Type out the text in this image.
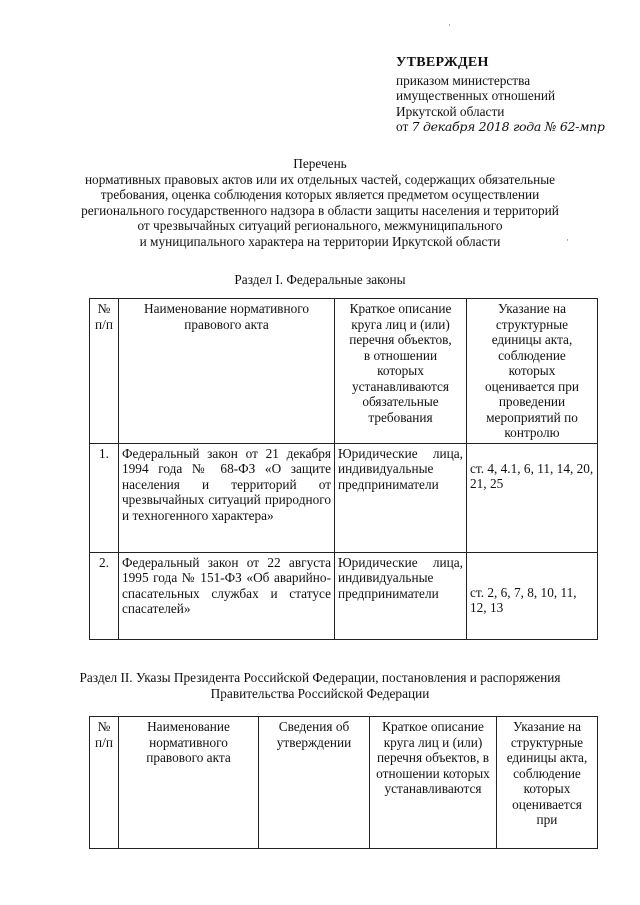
УТВЕРЖДЕН
приказом министерства
имущественных отношений
Иркутской области
от 7 декабря 2018 года № 62-мпр
Перечень
нормативных правовых актов или их отдельных частей, содержащих обязательные
требования, оценка соблюдения которых является предметом осуществлении
регионального государственного надзора в области защиты населения и территорий
от чрезвычайных ситуаций регионального, межмуниципального
и муниципального характера на территории Иркутской области
Раздел I. Федеральные законы
№ п/п	Наименование нормативного правового акта	Краткое описание круга лиц и (или) перечня объектов, в отношении которых устанавливаются обязательные требования	Указание на структурные единицы акта, соблюдение которых оценивается при проведении мероприятий по контролю
1.	Федеральный закон от 21 декабря 1994 года № 68-ФЗ «О защите населения и территорий от чрезвычайных ситуаций природного и техногенного характера»	Юридические лица, индивидуальные предприниматели	ст. 4, 4.1, 6, 11, 14, 20, 21, 25
2.	Федеральный закон от 22 августа 1995 года № 151-ФЗ «Об аварийно-спасательных службах и статусе спасателей»	Юридические лица, индивидуальные предприниматели	ст. 2, 6, 7, 8, 10, 11, 12, 13
Раздел II. Указы Президента Российской Федерации, постановления и распоряжения
Правительства Российской Федерации
№ п/п	Наименование нормативного правового акта	Сведения об утверждении	Краткое описание круга лиц и (или) перечня объектов, в отношении которых устанавливаются	Указание на структурные единицы акта, соблюдение которых оценивается при
·
·
